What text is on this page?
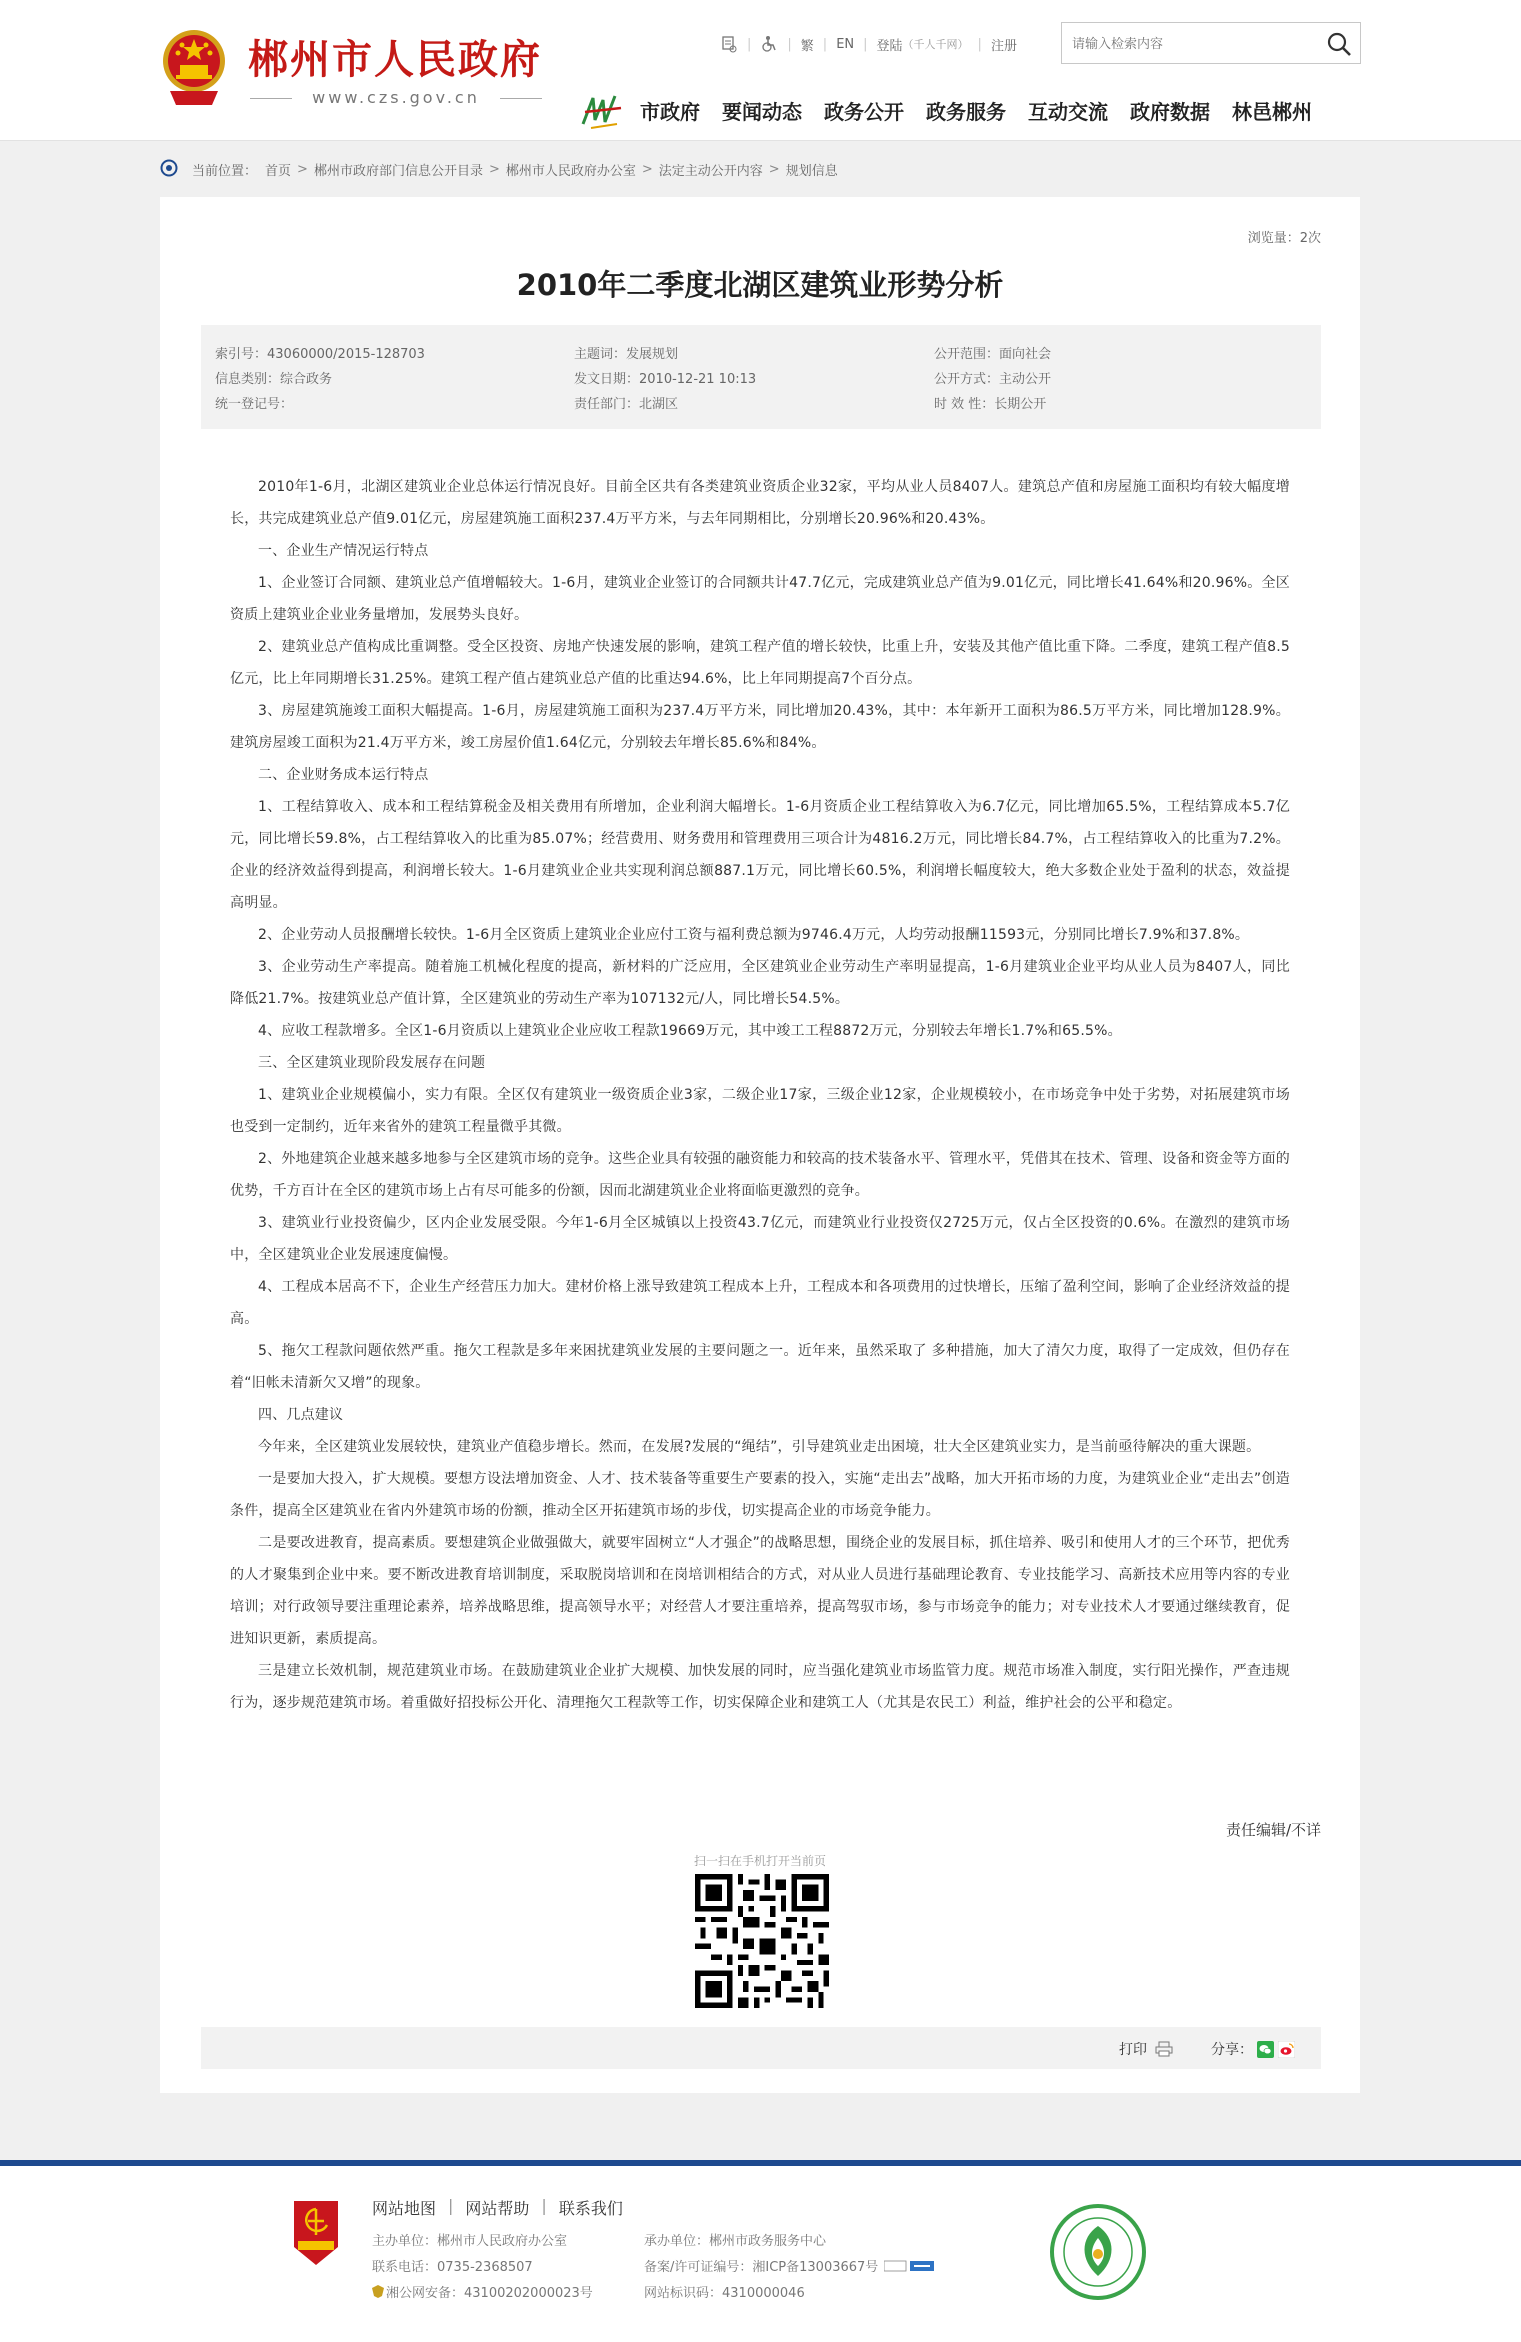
郴州市人民政府
www.czs.gov.cn
|	| 繁 | EN | 登陆 （千人千网） | 注册
请输入检索内容
市政府 要闻动态 政务公开 政务服务 互动交流 政府数据 林邑郴州
当前位置： 首页 > 郴州市政府部门信息公开目录 > 郴州市人民政府办公室 > 法定主动公开内容 > 规划信息
浏览量：2次
2010年二季度北湖区建筑业形势分析
索引号：43060000/2015-128703	主题词：发展规划	公开范围：面向社会
信息类别：综合政务	发文日期：2010-12-21 10:13	公开方式：主动公开
统一登记号：	责任部门：北湖区	时 效 性：长期公开

2010年1-6月，北湖区建筑业企业总体运行情况良好。目前全区共有各类建筑业资质企业32家，平均从业人员8407人。建筑总产值和房屋施工面积均有较大幅度增长，共完成建筑业总产值9.01亿元，房屋建筑施工面积237.4万平方米，与去年同期相比，分别增长20.96%和20.43%。

一、企业生产情况运行特点

1、企业签订合同额、建筑业总产值增幅较大。1-6月，建筑业企业签订的合同额共计47.7亿元，完成建筑业总产值为9.01亿元，同比增长41.64%和20.96%。全区资质上建筑业企业业务量增加，发展势头良好。

2、建筑业总产值构成比重调整。受全区投资、房地产快速发展的影响，建筑工程产值的增长较快，比重上升，安装及其他产值比重下降。二季度，建筑工程产值8.5亿元，比上年同期增长31.25%。建筑工程产值占建筑业总产值的比重达94.6%，比上年同期提高7个百分点。

3、房屋建筑施竣工面积大幅提高。1-6月，房屋建筑施工面积为237.4万平方米，同比增加20.43%，其中：本年新开工面积为86.5万平方米，同比增加128.9%。建筑房屋竣工面积为21.4万平方米，竣工房屋价值1.64亿元，分别较去年增长85.6%和84%。

二、企业财务成本运行特点

1、工程结算收入、成本和工程结算税金及相关费用有所增加，企业利润大幅增长。1-6月资质企业工程结算收入为6.7亿元，同比增加65.5%，工程结算成本5.7亿元，同比增长59.8%，占工程结算收入的比重为85.07%；经营费用、财务费用和管理费用三项合计为4816.2万元，同比增长84.7%，占工程结算收入的比重为7.2%。企业的经济效益得到提高，利润增长较大。1-6月建筑业企业共实现利润总额887.1万元，同比增长60.5%，利润增长幅度较大，绝大多数企业处于盈利的状态，效益提高明显。

2、企业劳动人员报酬增长较快。1-6月全区资质上建筑业企业应付工资与福利费总额为9746.4万元，人均劳动报酬11593元，分别同比增长7.9%和37.8%。

3、企业劳动生产率提高。随着施工机械化程度的提高，新材料的广泛应用，全区建筑业企业劳动生产率明显提高，1-6月建筑业企业平均从业人员为8407人，同比降低21.7%。按建筑业总产值计算，全区建筑业的劳动生产率为107132元/人，同比增长54.5%。

4、应收工程款增多。全区1-6月资质以上建筑业企业应收工程款19669万元，其中竣工工程8872万元，分别较去年增长1.7%和65.5%。

三、全区建筑业现阶段发展存在问题

1、建筑业企业规模偏小，实力有限。全区仅有建筑业一级资质企业3家，二级企业17家，三级企业12家，企业规模较小，在市场竞争中处于劣势，对拓展建筑市场也受到一定制约，近年来省外的建筑工程量微乎其微。

2、外地建筑企业越来越多地参与全区建筑市场的竞争。这些企业具有较强的融资能力和较高的技术装备水平、管理水平，凭借其在技术、管理、设备和资金等方面的优势，千方百计在全区的建筑市场上占有尽可能多的份额，因而北湖建筑业企业将面临更激烈的竞争。

3、建筑业行业投资偏少，区内企业发展受限。今年1-6月全区城镇以上投资43.7亿元，而建筑业行业投资仅2725万元，仅占全区投资的0.6%。在激烈的建筑市场中，全区建筑业企业发展速度偏慢。

4、工程成本居高不下，企业生产经营压力加大。建材价格上涨导致建筑工程成本上升，工程成本和各项费用的过快增长，压缩了盈利空间，影响了企业经济效益的提高。

5、拖欠工程款问题依然严重。拖欠工程款是多年来困扰建筑业发展的主要问题之一。近年来，虽然采取了 多种措施，加大了清欠力度，取得了一定成效，但仍存在着“旧帐未清新欠又增”的现象。

四、几点建议

今年来，全区建筑业发展较快，建筑业产值稳步增长。然而，在发展?发展的“绳结”，引导建筑业走出困境，壮大全区建筑业实力，是当前亟待解决的重大课题。

一是要加大投入，扩大规模。要想方设法增加资金、人才、技术装备等重要生产要素的投入，实施“走出去”战略，加大开拓市场的力度，为建筑业企业“走出去”创造条件，提高全区建筑业在省内外建筑市场的份额，推动全区开拓建筑市场的步伐，切实提高企业的市场竞争能力。

二是要改进教育，提高素质。要想建筑企业做强做大，就要牢固树立“人才强企”的战略思想，围绕企业的发展目标，抓住培养、吸引和使用人才的三个环节，把优秀的人才聚集到企业中来。要不断改进教育培训制度，采取脱岗培训和在岗培训相结合的方式，对从业人员进行基础理论教育、专业技能学习、高新技术应用等内容的专业培训；对行政领导要注重理论素养，培养战略思维，提高领导水平；对经营人才要注重培养，提高驾驭市场，参与市场竞争的能力；对专业技术人才要通过继续教育，促进知识更新，素质提高。

三是建立长效机制，规范建筑业市场。在鼓励建筑业企业扩大规模、加快发展的同时，应当强化建筑业市场监管力度。规范市场准入制度，实行阳光操作，严查违规行为，逐步规范建筑市场。着重做好招投标公开化、清理拖欠工程款等工作，切实保障企业和建筑工人（尤其是农民工）利益，维护社会的公平和稳定。

责任编辑/不详
扫一扫在手机打开当前页
打印	分享：
网站地图 | 网站帮助 | 联系我们
主办单位：郴州市人民政府办公室
联系电话：0735-2368507
湘公网安备：43100202000023号
承办单位：郴州市政务服务中心
备案/许可证编号：湘ICP备13003667号
网站标识码：4310000046
